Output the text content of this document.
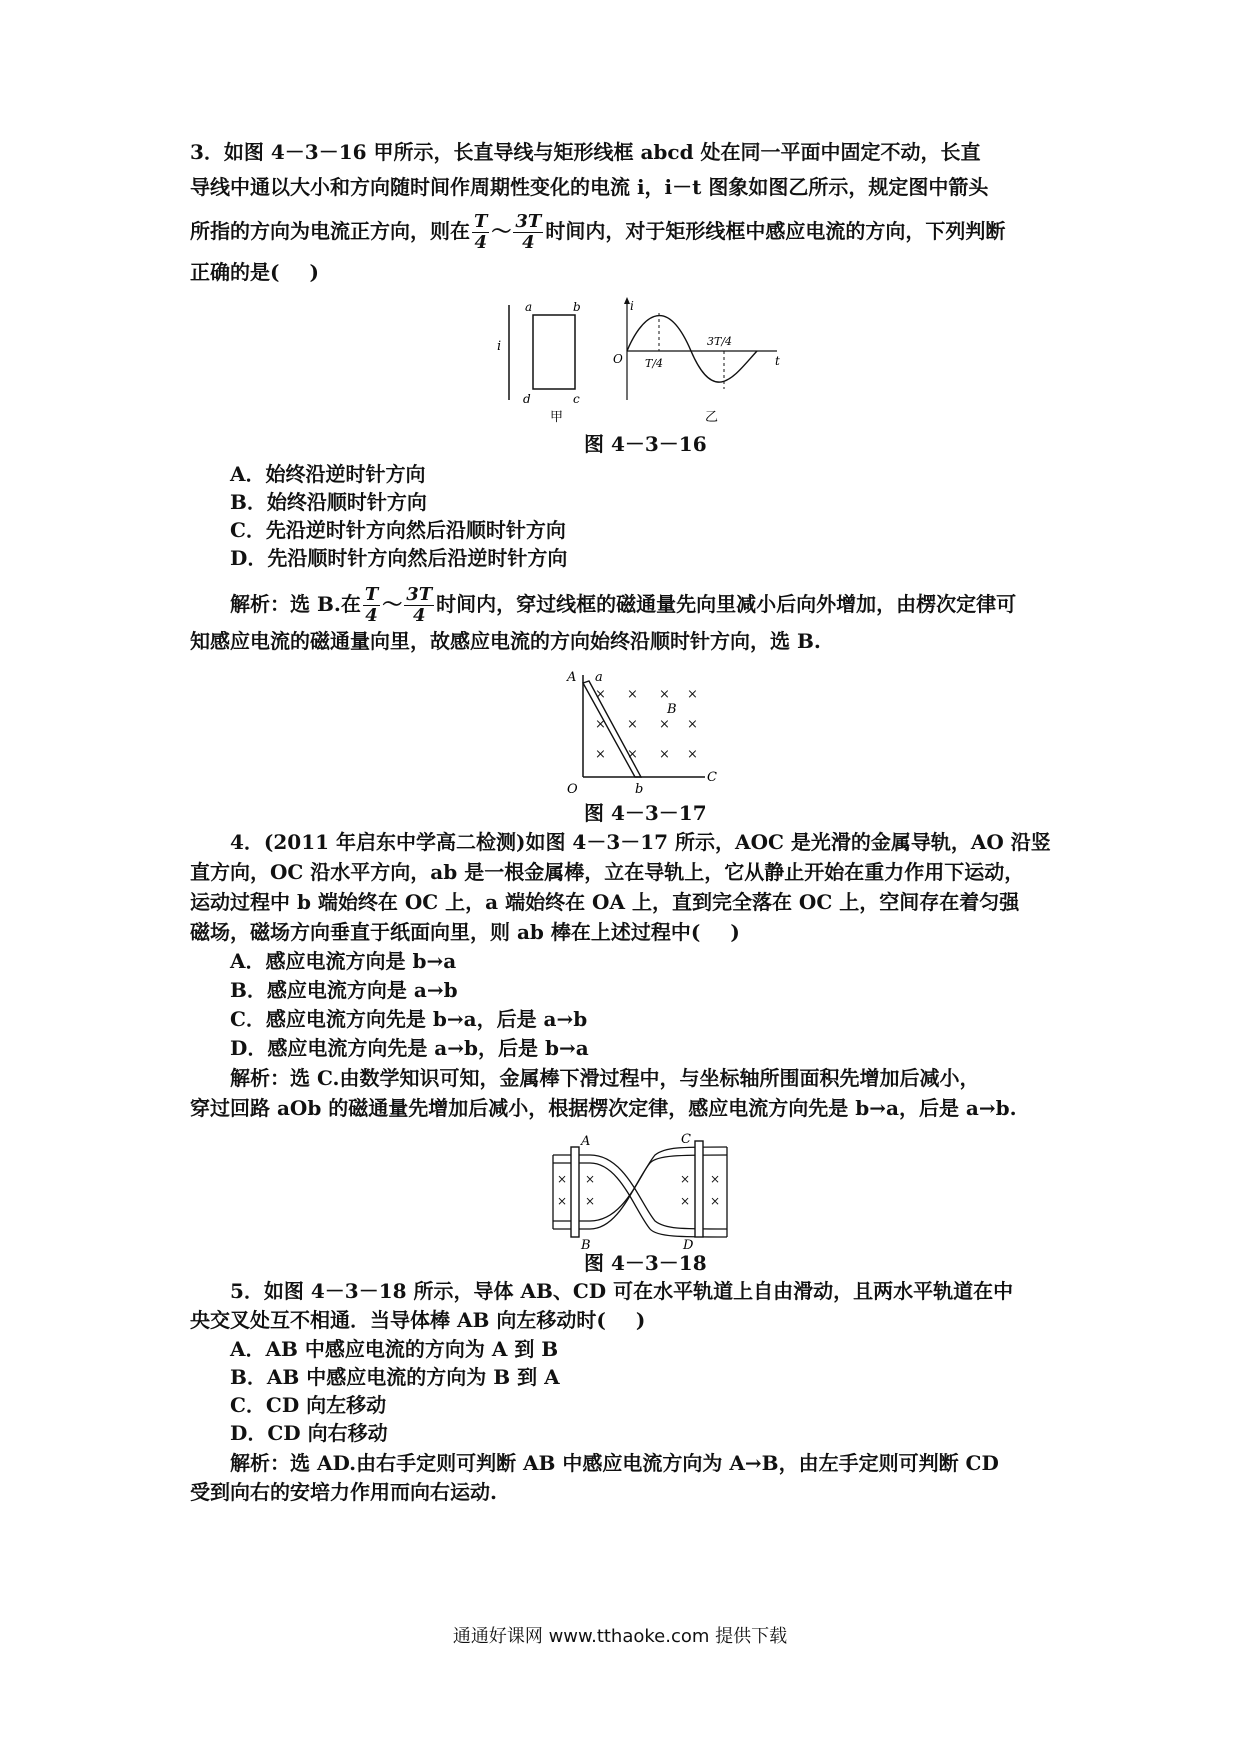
3．如图 4－3－16 甲所示，长直导线与矩形线框 abcd 处在同一平面中固定不动，长直
导线中通以大小和方向随时间作周期性变化的电流 i，i－t 图象如图乙所示，规定图中箭头
所指的方向为电流正方向，则在 $\frac{T}{4}$ ～ $\frac{3T}{4}$ 时间内，对于矩形线框中感应电流的方向，下列判断
正确的是( )
i
a	b
c
d
甲
i
t
O T/4
3T/4
乙
图 4－3－16
A．始终沿逆时针方向
B．始终沿顺时针方向
C．先沿逆时针方向然后沿顺时针方向
D．先沿顺时针方向然后沿逆时针方向
解析：选 B.在 $\frac{T}{4}$ ～ $\frac{3T}{4}$ 时间内，穿过线框的磁通量先向里减小后向外增加，由楞次定律可
知感应电流的磁通量向里，故感应电流的方向始终沿顺时针方向，选 B.
A a
O	b
C
B
× × × ×
× × × ×
× × × ×
图 4－3－17
4．(2011 年启东中学高二检测)如图 4－3－17 所示，AOC 是光滑的金属导轨，AO 沿竖
直方向，OC 沿水平方向，ab 是一根金属棒，立在导轨上，它从静止开始在重力作用下运动，
运动过程中 b 端始终在 OC 上，a 端始终在 OA 上，直到完全落在 OC 上，空间存在着匀强
磁场，磁场方向垂直于纸面向里，则 ab 棒在上述过程中( )
A．感应电流方向是 b→a
B．感应电流方向是 a→b
C．感应电流方向先是 b→a，后是 a→b
D．感应电流方向先是 a→b，后是 b→a
解析：选 C.由数学知识可知，金属棒下滑过程中，与坐标轴所围面积先增加后减小，
穿过回路 aOb 的磁通量先增加后减小，根据楞次定律，感应电流方向先是 b→a，后是 a→b.
A
B
C
D
×
×
×
×
×
×
×
×
图 4－3－18
5．如图 4－3－18 所示，导体 AB、CD 可在水平轨道上自由滑动，且两水平轨道在中
央交叉处互不相通．当导体棒 AB 向左移动时( )
A．AB 中感应电流的方向为 A 到 B
B．AB 中感应电流的方向为 B 到 A
C．CD 向左移动
D．CD 向右移动
解析：选 AD.由右手定则可判断 AB 中感应电流方向为 A→B，由左手定则可判断 CD
受到向右的安培力作用而向右运动.
通通好课网 www.tthaoke.com 提供下载
